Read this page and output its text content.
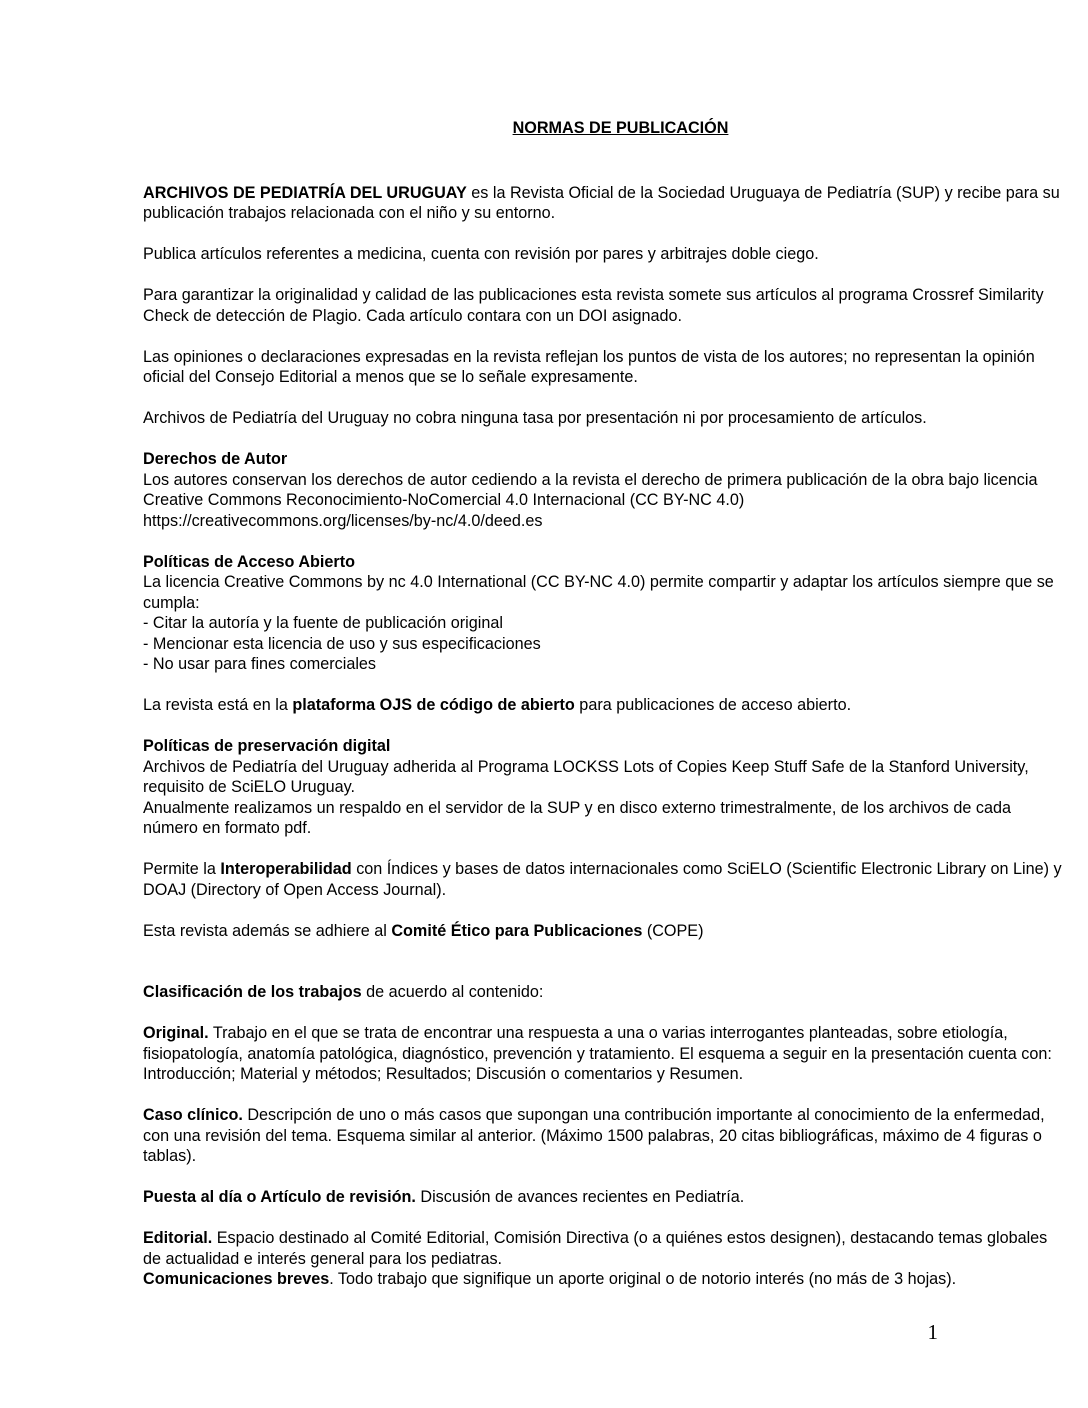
NORMAS DE PUBLICACIÓN

ARCHIVOS DE PEDIATRÍA DEL URUGUAY es la Revista Oficial de la Sociedad Uruguaya de Pediatría (SUP) y recibe para su publicación trabajos relacionada con el niño y su entorno.

Publica artículos referentes a medicina, cuenta con revisión por pares y arbitrajes doble ciego.

Para garantizar la originalidad y calidad de las publicaciones esta revista somete sus artículos al programa Crossref Similarity Check de detección de Plagio. Cada artículo contara con un DOI asignado.

Las opiniones o declaraciones expresadas en la revista reflejan los puntos de vista de los autores; no representan la opinión oficial del Consejo Editorial a menos que se lo señale expresamente.

Archivos de Pediatría del Uruguay no cobra ninguna tasa por presentación ni por procesamiento de artículos.

Derechos de Autor
Los autores conservan los derechos de autor cediendo a la revista el derecho de primera publicación de la obra bajo licencia Creative Commons Reconocimiento-NoComercial 4.0 Internacional (CC BY-NC 4.0)
https://creativecommons.org/licenses/by-nc/4.0/deed.es

Políticas de Acceso Abierto
La licencia Creative Commons by nc 4.0 International (CC BY-NC 4.0) permite compartir y adaptar los artículos siempre que se cumpla:
- Citar la autoría y la fuente de publicación original
- Mencionar esta licencia de uso y sus especificaciones
- No usar para fines comerciales

La revista está en la plataforma OJS de código de abierto para publicaciones de acceso abierto.

Políticas de preservación digital
Archivos de Pediatría del Uruguay adherida al Programa LOCKSS Lots of Copies Keep Stuff Safe de la Stanford University, requisito de SciELO Uruguay.
Anualmente realizamos un respaldo en el servidor de la SUP y en disco externo trimestralmente, de los archivos de cada número en formato pdf.

Permite la Interoperabilidad con Índices y bases de datos internacionales como SciELO (Scientific Electronic Library on Line) y DOAJ (Directory of Open Access Journal).

Esta revista además se adhiere al Comité Ético para Publicaciones (COPE)

Clasificación de los trabajos de acuerdo al contenido:

Original. Trabajo en el que se trata de encontrar una respuesta a una o varias interrogantes planteadas, sobre etiología, fisiopatología, anatomía patológica, diagnóstico, prevención y tratamiento. El esquema a seguir en la presentación cuenta con: Introducción; Material y métodos; Resultados; Discusión o comentarios y Resumen.

Caso clínico. Descripción de uno o más casos que supongan una contribución importante al conocimiento de la enfermedad, con una revisión del tema. Esquema similar al anterior. (Máximo 1500 palabras, 20 citas bibliográficas, máximo de 4 figuras o tablas).

Puesta al día o Artículo de revisión. Discusión de avances recientes en Pediatría.

Editorial. Espacio destinado al Comité Editorial, Comisión Directiva (o a quiénes estos designen), destacando temas globales de actualidad e interés general para los pediatras.
Comunicaciones breves. Todo trabajo que signifique un aporte original o de notorio interés (no más de 3 hojas).

1
